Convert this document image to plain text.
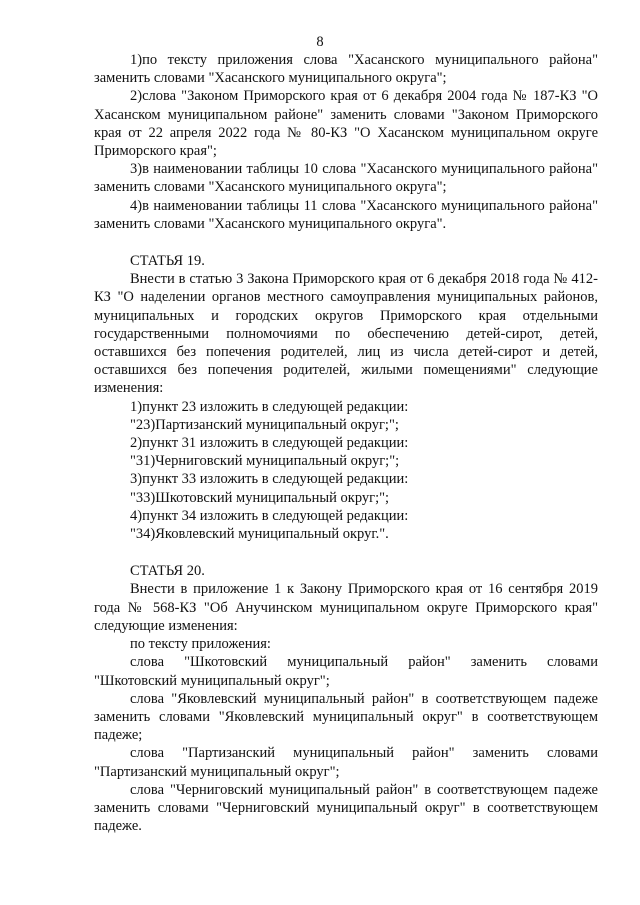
8

1)по тексту приложения слова "Хасанского муниципального района" заменить словами "Хасанского муниципального округа";

2)слова "Законом Приморского края от 6 декабря 2004 года № 187-КЗ "О Хасанском муниципальном районе" заменить словами "Законом Приморского края от 22 апреля 2022 года № 80-КЗ "О Хасанском муниципальном округе Приморского края";

3)в наименовании таблицы 10 слова "Хасанского муниципального района" заменить словами "Хасанского муниципального округа";

4)в наименовании таблицы 11 слова "Хасанского муниципального района" заменить словами "Хасанского муниципального округа".

СТАТЬЯ 19.

Внести в статью 3 Закона Приморского края от 6 декабря 2018 года № 412-КЗ "О наделении органов местного самоуправления муниципальных районов, муниципальных и городских округов Приморского края отдельными государственными полномочиями по обеспечению детей-сирот, детей, оставшихся без попечения родителей, лиц из числа детей-сирот и детей, оставшихся без попечения родителей, жилыми помещениями" следующие изменения:

1)пункт 23 изложить в следующей редакции:

"23)Партизанский муниципальный округ;";

2)пункт 31 изложить в следующей редакции:

"31)Черниговский муниципальный округ;";

3)пункт 33 изложить в следующей редакции:

"33)Шкотовский муниципальный округ;";

4)пункт 34 изложить в следующей редакции:

"34)Яковлевский муниципальный округ.".

СТАТЬЯ 20.

Внести в приложение 1 к Закону Приморского края от 16 сентября 2019 года № 568-КЗ "Об Анучинском муниципальном округе Приморского края" следующие изменения:

по тексту приложения:

слова "Шкотовский муниципальный район" заменить словами "Шкотовский муниципальный округ";

слова "Яковлевский муниципальный район" в соответствующем падеже заменить словами "Яковлевский муниципальный округ" в соответствующем падеже;

слова "Партизанский муниципальный район" заменить словами "Партизанский муниципальный округ";

слова "Черниговский муниципальный район" в соответствующем падеже заменить словами "Черниговский муниципальный округ" в соответствующем падеже.
